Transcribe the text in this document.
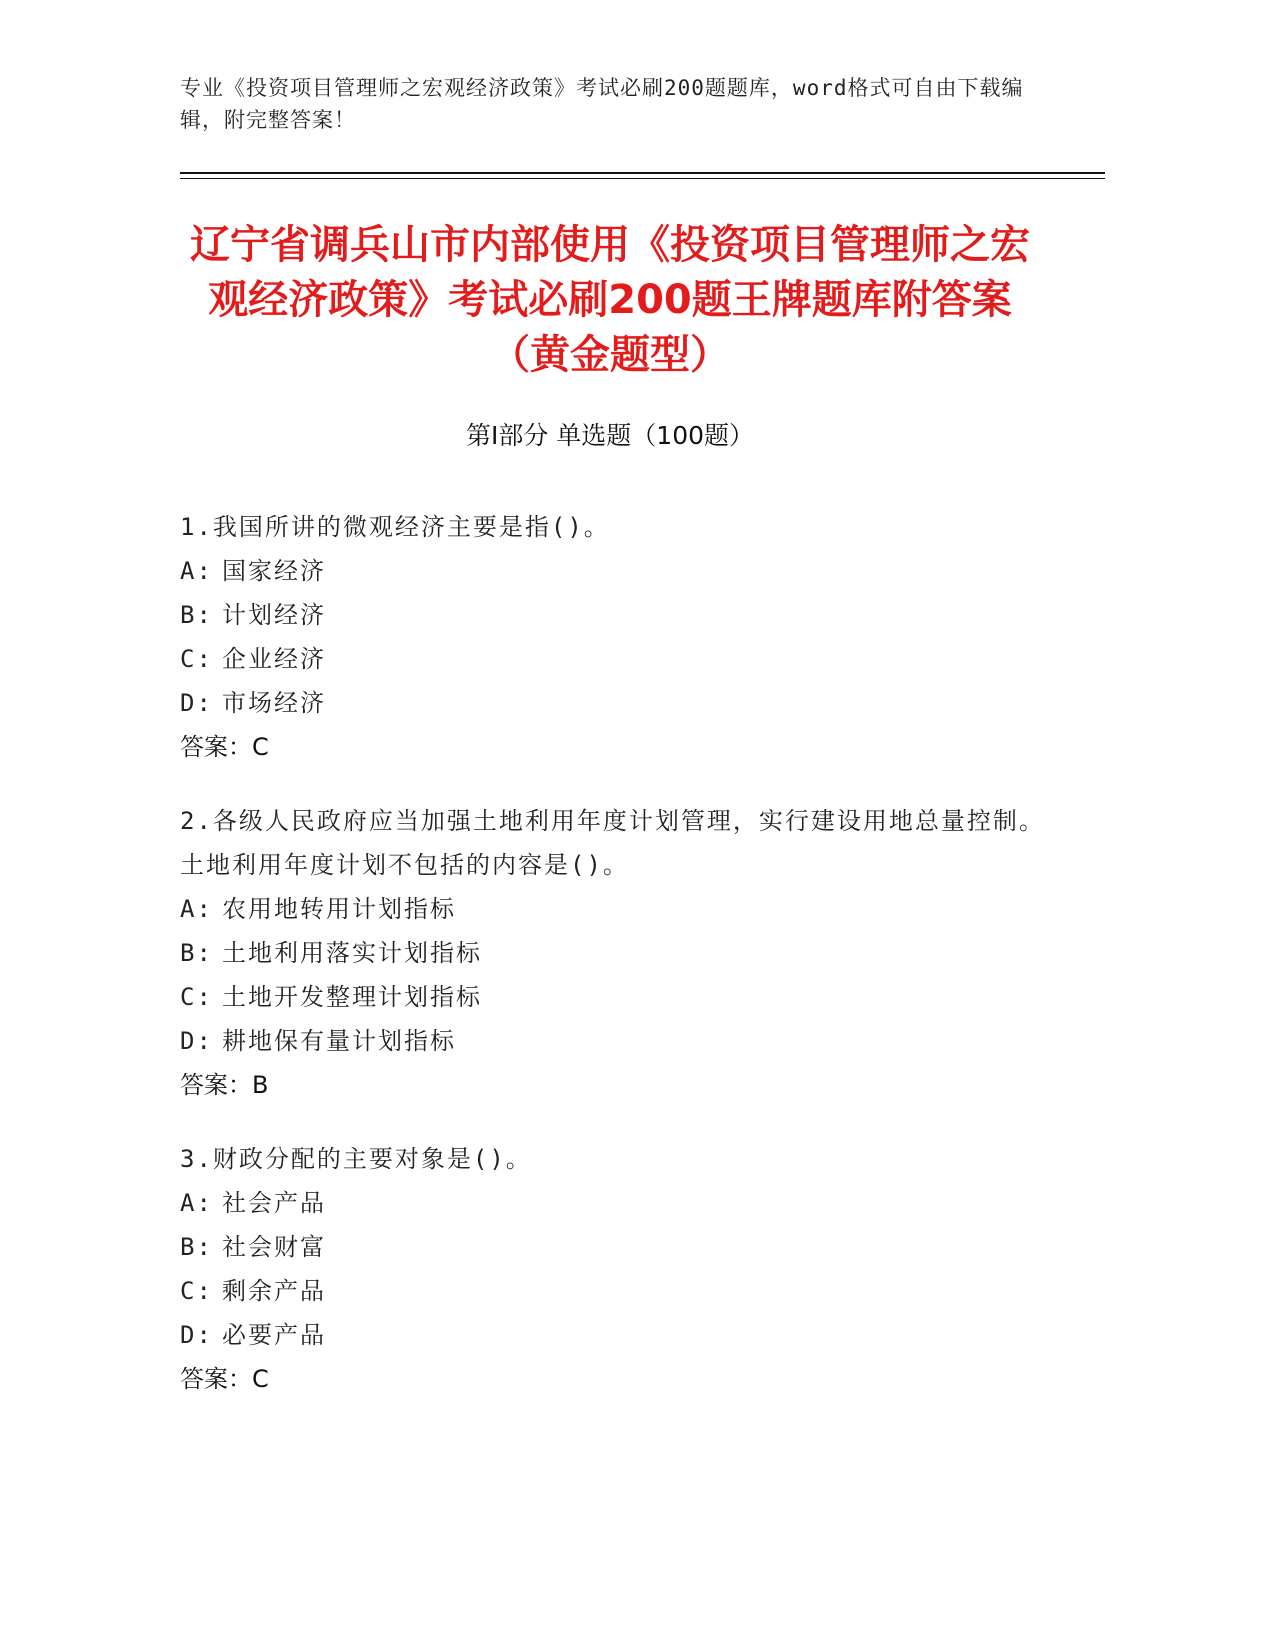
专业《投资项目管理师之宏观经济政策》考试必刷200题题库，word格式可自由下载编辑，附完整答案！
辽宁省调兵山市内部使用《投资项目管理师之宏观经济政策》考试必刷200题王牌题库附答案（黄金题型）
第I部分 单选题（100题）
1.我国所讲的微观经济主要是指()。
A: 国家经济
B: 计划经济
C: 企业经济
D: 市场经济
答案：C
2.各级人民政府应当加强土地利用年度计划管理，实行建设用地总量控制。土地利用年度计划不包括的内容是()。
A: 农用地转用计划指标
B: 土地利用落实计划指标
C: 土地开发整理计划指标
D: 耕地保有量计划指标
答案：B
3.财政分配的主要对象是()。
A: 社会产品
B: 社会财富
C: 剩余产品
D: 必要产品
答案：C
